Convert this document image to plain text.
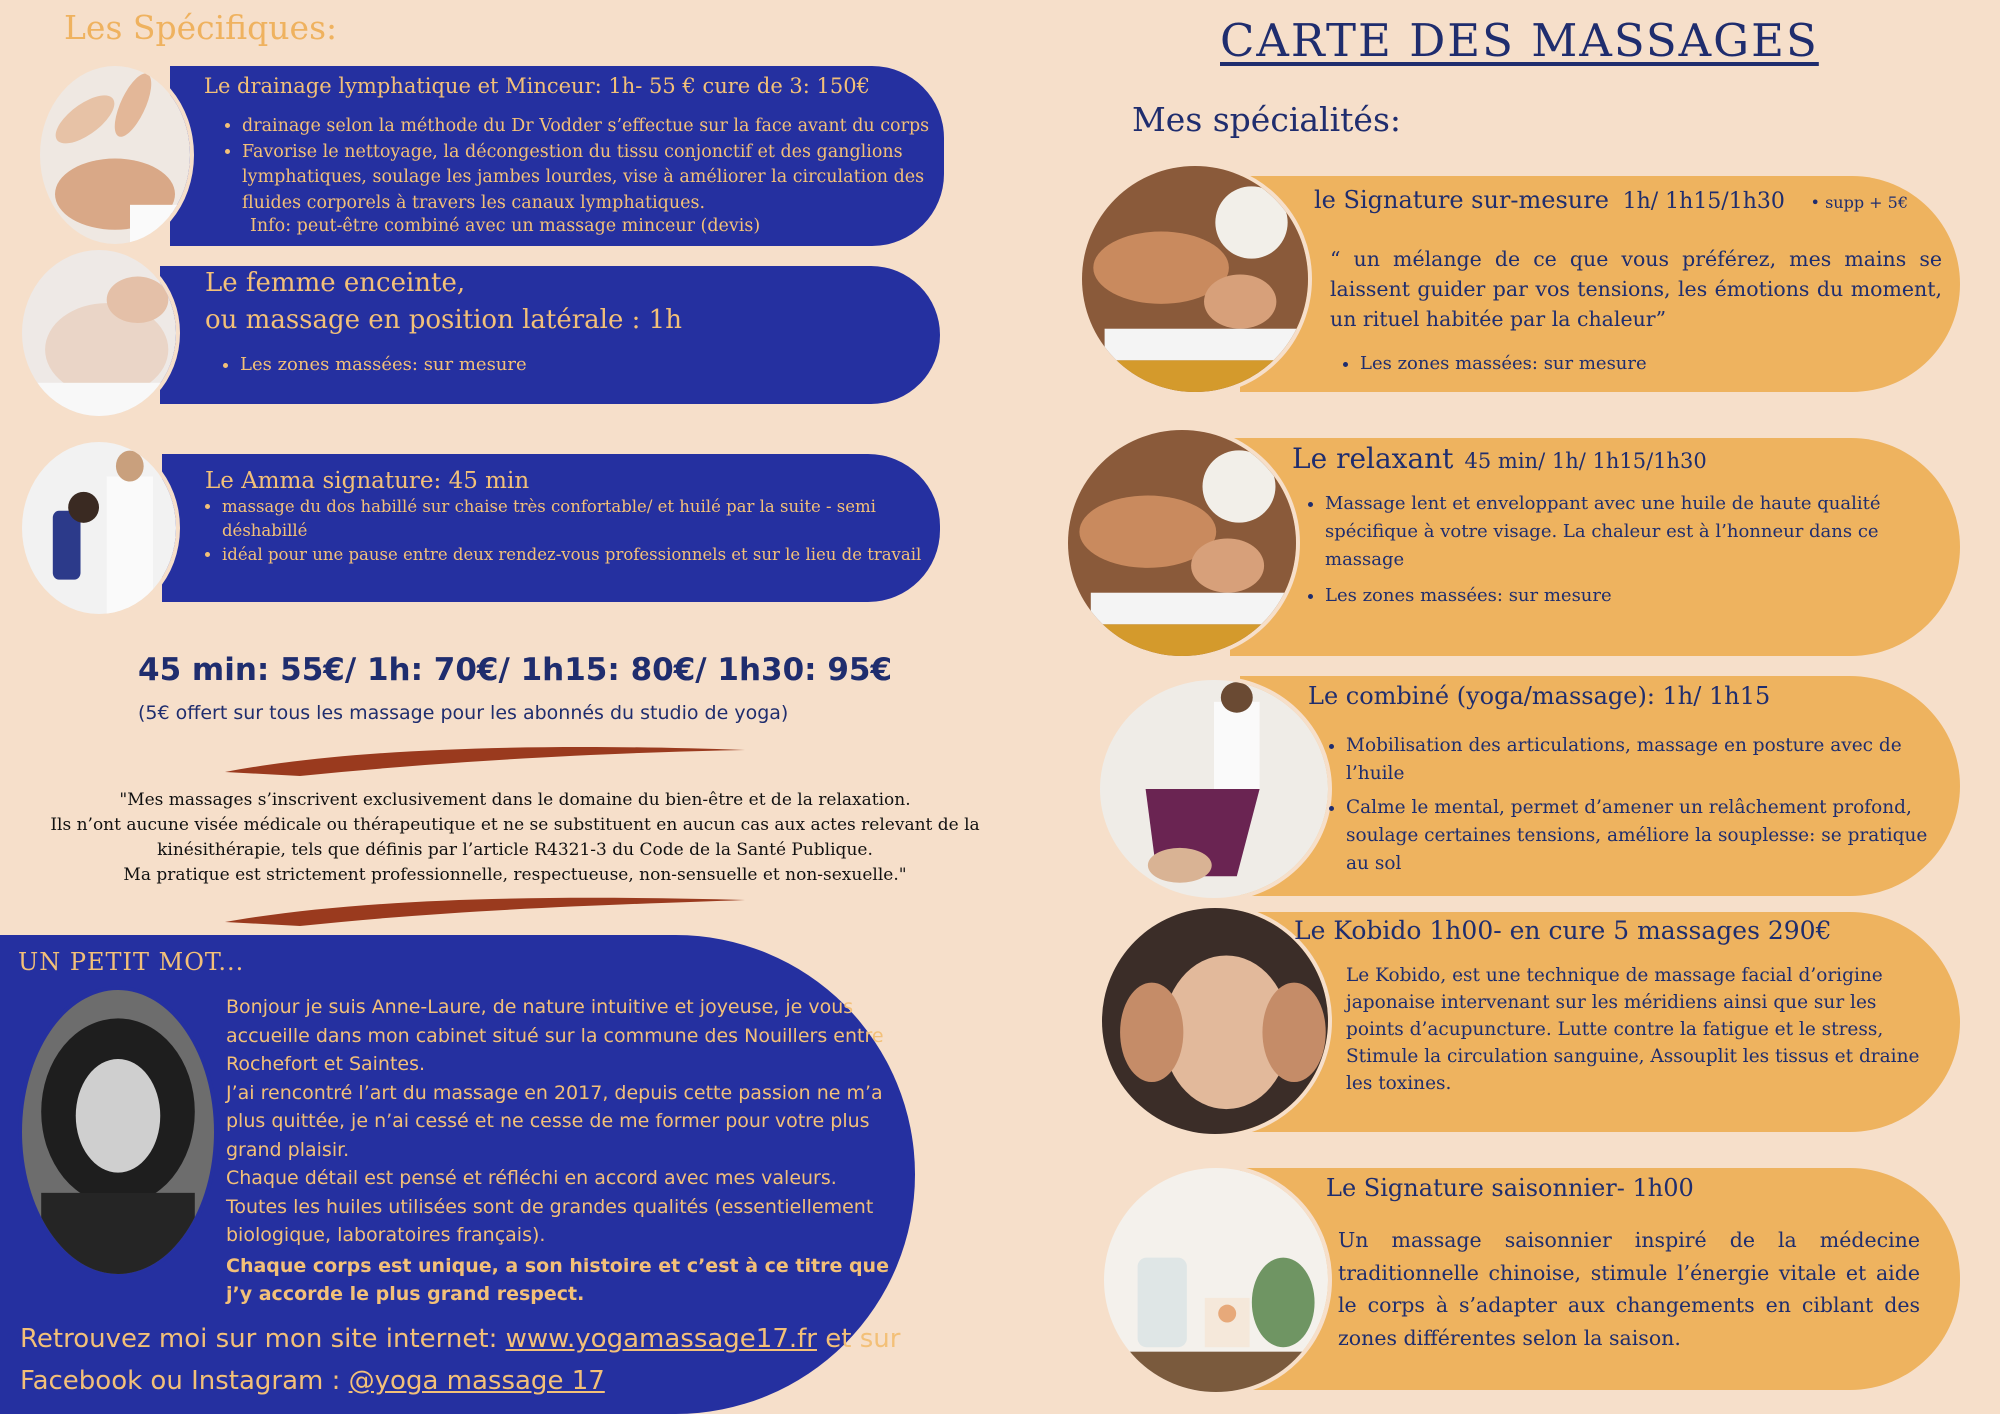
Les Spécifiques:
Le drainage lymphatique et Minceur: 1h- 55 € cure de 3: 150€
• drainage selon la méthode du Dr Vodder s’effectue sur la face avant du corps
• Favorise le nettoyage, la décongestion du tissu conjonctif et des ganglions lymphatiques, soulage les jambes lourdes, vise à améliorer la circulation des fluides corporels à travers les canaux lymphatiques.
Info: peut-être combiné avec un massage minceur (devis)
Le femme enceinte,
ou massage en position latérale : 1h
• Les zones massées: sur mesure
Le Amma signature: 45 min
• massage du dos habillé sur chaise très confortable/ et huilé par la suite - semi déshabillé
• idéal pour une pause entre deux rendez-vous professionnels et sur le lieu de travail
45 min: 55€/ 1h: 70€/ 1h15: 80€/ 1h30: 95€
(5€ offert sur tous les massage pour les abonnés du studio de yoga)
"Mes massages s’inscrivent exclusivement dans le domaine du bien-être et de la relaxation.
Ils n’ont aucune visée médicale ou thérapeutique et ne se substituent en aucun cas aux actes relevant de la kinésithérapie, tels que définis par l’article R4321-3 du Code de la Santé Publique.
Ma pratique est strictement professionnelle, respectueuse, non-sensuelle et non-sexuelle."
UN PETIT MOT...
Bonjour je suis Anne-Laure, de nature intuitive et joyeuse, je vous accueille dans mon cabinet situé sur la commune des Nouillers entre Rochefort et Saintes.
J’ai rencontré l’art du massage en 2017, depuis cette passion ne m’a plus quittée, je n’ai cessé et ne cesse de me former pour votre plus grand plaisir.
Chaque détail est pensé et réfléchi en accord avec mes valeurs.
Toutes les huiles utilisées sont de grandes qualités (essentiellement biologique, laboratoires français).
Chaque corps est unique, a son histoire et c’est à ce titre que j’y accorde le plus grand respect.
Retrouvez moi sur mon site internet: www.yogamassage17.fr et sur Facebook ou Instagram : @yoga massage 17
CARTE DES MASSAGES
Mes spécialités:
le Signature sur-mesure 1h/ 1h15/1h30 • supp + 5€

“ un mélange de ce que vous préférez, mes mains se laissent guider par vos tensions, les émotions du moment, un rituel habitée par la chaleur”

• Les zones massées: sur mesure
Le relaxant 45 min/ 1h/ 1h15/1h30
• Massage lent et enveloppant avec une huile de haute qualité spécifique à votre visage. La chaleur est à l’honneur dans ce massage
• Les zones massées: sur mesure
Le combiné (yoga/massage): 1h/ 1h15
• Mobilisation des articulations, massage en posture avec de l’huile
• Calme le mental, permet d’amener un relâchement profond, soulage certaines tensions, améliore la souplesse: se pratique au sol
Le Kobido 1h00- en cure 5 massages 290€

Le Kobido, est une technique de massage facial d’origine japonaise intervenant sur les méridiens ainsi que sur les points d’acupuncture. Lutte contre la fatigue et le stress, Stimule la circulation sanguine, Assouplit les tissus et draine les toxines.

Le Signature saisonnier- 1h00

Un massage saisonnier inspiré de la médecine traditionnelle chinoise, stimule l’énergie vitale et aide le corps à s’adapter aux changements en ciblant des zones différentes selon la saison.
